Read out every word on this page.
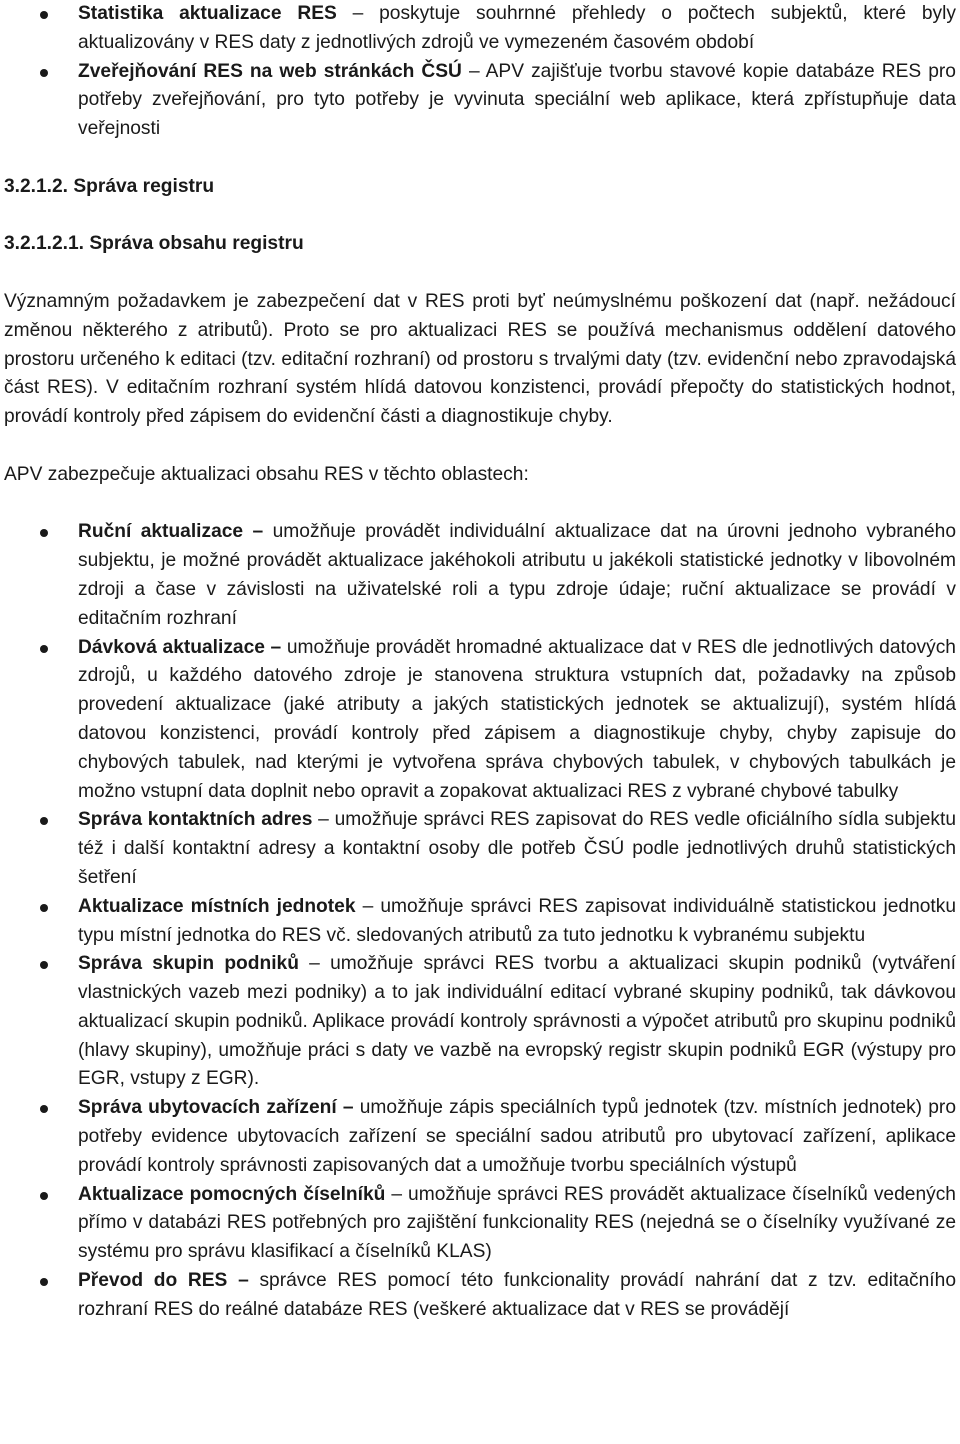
Statistika aktualizace RES – poskytuje souhrnné přehledy o počtech subjektů, které byly aktualizovány v RES daty z jednotlivých zdrojů ve vymezeném časovém období
Zveřejňování RES na web stránkách ČSÚ – APV zajišťuje tvorbu stavové kopie databáze RES pro potřeby zveřejňování, pro tyto potřeby je vyvinuta speciální web aplikace, která zpřístupňuje data veřejnosti

3.2.1.2. Správa registru

3.2.1.2.1. Správa obsahu registru

Významným požadavkem je zabezpečení dat v RES proti byť neúmyslnému poškození dat (např. nežádoucí změnou některého z atributů). Proto se pro aktualizaci RES se používá mechanismus oddělení datového prostoru určeného k editaci (tzv. editační rozhraní) od prostoru s trvalými daty (tzv. evidenční nebo zpravodajská část RES). V editačním rozhraní systém hlídá datovou konzistenci, provádí přepočty do statistických hodnot, provádí kontroly před zápisem do evidenční části a diagnostikuje chyby.

APV zabezpečuje aktualizaci obsahu RES v těchto oblastech:

Ruční aktualizace – umožňuje provádět individuální aktualizace dat na úrovni jednoho vybraného subjektu, je možné provádět aktualizace jakéhokoli atributu u jakékoli statistické jednotky v libovolném zdroji a čase v závislosti na uživatelské roli a typu zdroje údaje; ruční aktualizace se provádí v editačním rozhraní
Dávková aktualizace – umožňuje provádět hromadné aktualizace dat v RES dle jednotlivých datových zdrojů, u každého datového zdroje je stanovena struktura vstupních dat, požadavky na způsob provedení aktualizace (jaké atributy a jakých statistických jednotek se aktualizují), systém hlídá datovou konzistenci, provádí kontroly před zápisem a diagnostikuje chyby, chyby zapisuje do chybových tabulek, nad kterými je vytvořena správa chybových tabulek, v chybových tabulkách je možno vstupní data doplnit nebo opravit a zopakovat aktualizaci RES z vybrané chybové tabulky
Správa kontaktních adres – umožňuje správci RES zapisovat do RES vedle oficiálního sídla subjektu též i další kontaktní adresy a kontaktní osoby dle potřeb ČSÚ podle jednotlivých druhů statistických šetření
Aktualizace místních jednotek – umožňuje správci RES zapisovat individuálně statistickou jednotku typu místní jednotka do RES vč. sledovaných atributů za tuto jednotku k vybranému subjektu
Správa skupin podniků – umožňuje správci RES tvorbu a aktualizaci skupin podniků (vytváření vlastnických vazeb mezi podniky) a to jak individuální editací vybrané skupiny podniků, tak dávkovou aktualizací skupin podniků. Aplikace provádí kontroly správnosti a výpočet atributů pro skupinu podniků (hlavy skupiny), umožňuje práci s daty ve vazbě na evropský registr skupin podniků EGR (výstupy pro EGR, vstupy z EGR).
Správa ubytovacích zařízení – umožňuje zápis speciálních typů jednotek (tzv. místních jednotek) pro potřeby evidence ubytovacích zařízení se speciální sadou atributů pro ubytovací zařízení, aplikace provádí kontroly správnosti zapisovaných dat a umožňuje tvorbu speciálních výstupů
Aktualizace pomocných číselníků – umožňuje správci RES provádět aktualizace číselníků vedených přímo v databázi RES potřebných pro zajištění funkcionality RES (nejedná se o číselníky využívané ze systému pro správu klasifikací a číselníků KLAS)
Převod do RES – správce RES pomocí této funkcionality provádí nahrání dat z tzv. editačního rozhraní RES do reálné databáze RES (veškeré aktualizace dat v RES se provádějí
